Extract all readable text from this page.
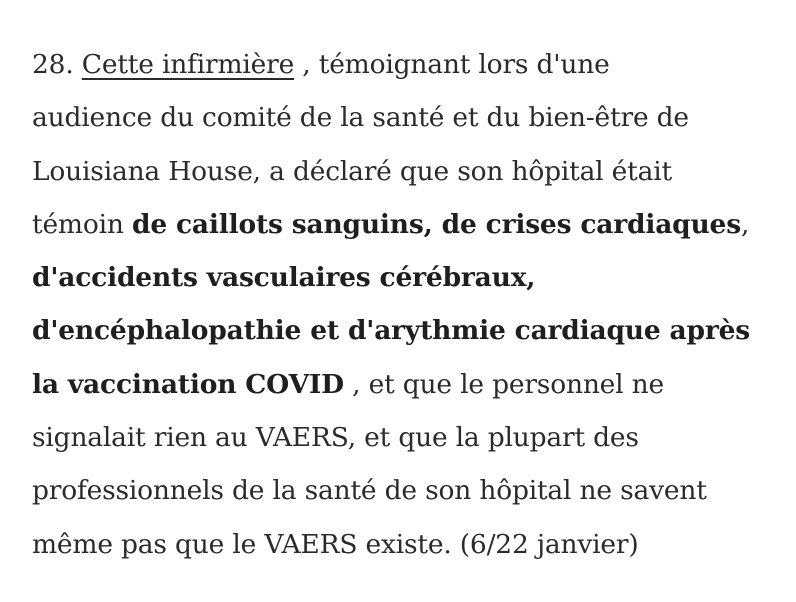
28. Cette infirmière , témoignant lors d'une
audience du comité de la santé et du bien-être de
Louisiana House, a déclaré que son hôpital était
témoin de caillots sanguins, de crises cardiaques,
d'accidents vasculaires cérébraux,
d'encéphalopathie et d'arythmie cardiaque après
la vaccination COVID , et que le personnel ne
signalait rien au VAERS, et que la plupart des
professionnels de la santé de son hôpital ne savent
même pas que le VAERS existe. (6/22 janvier)
